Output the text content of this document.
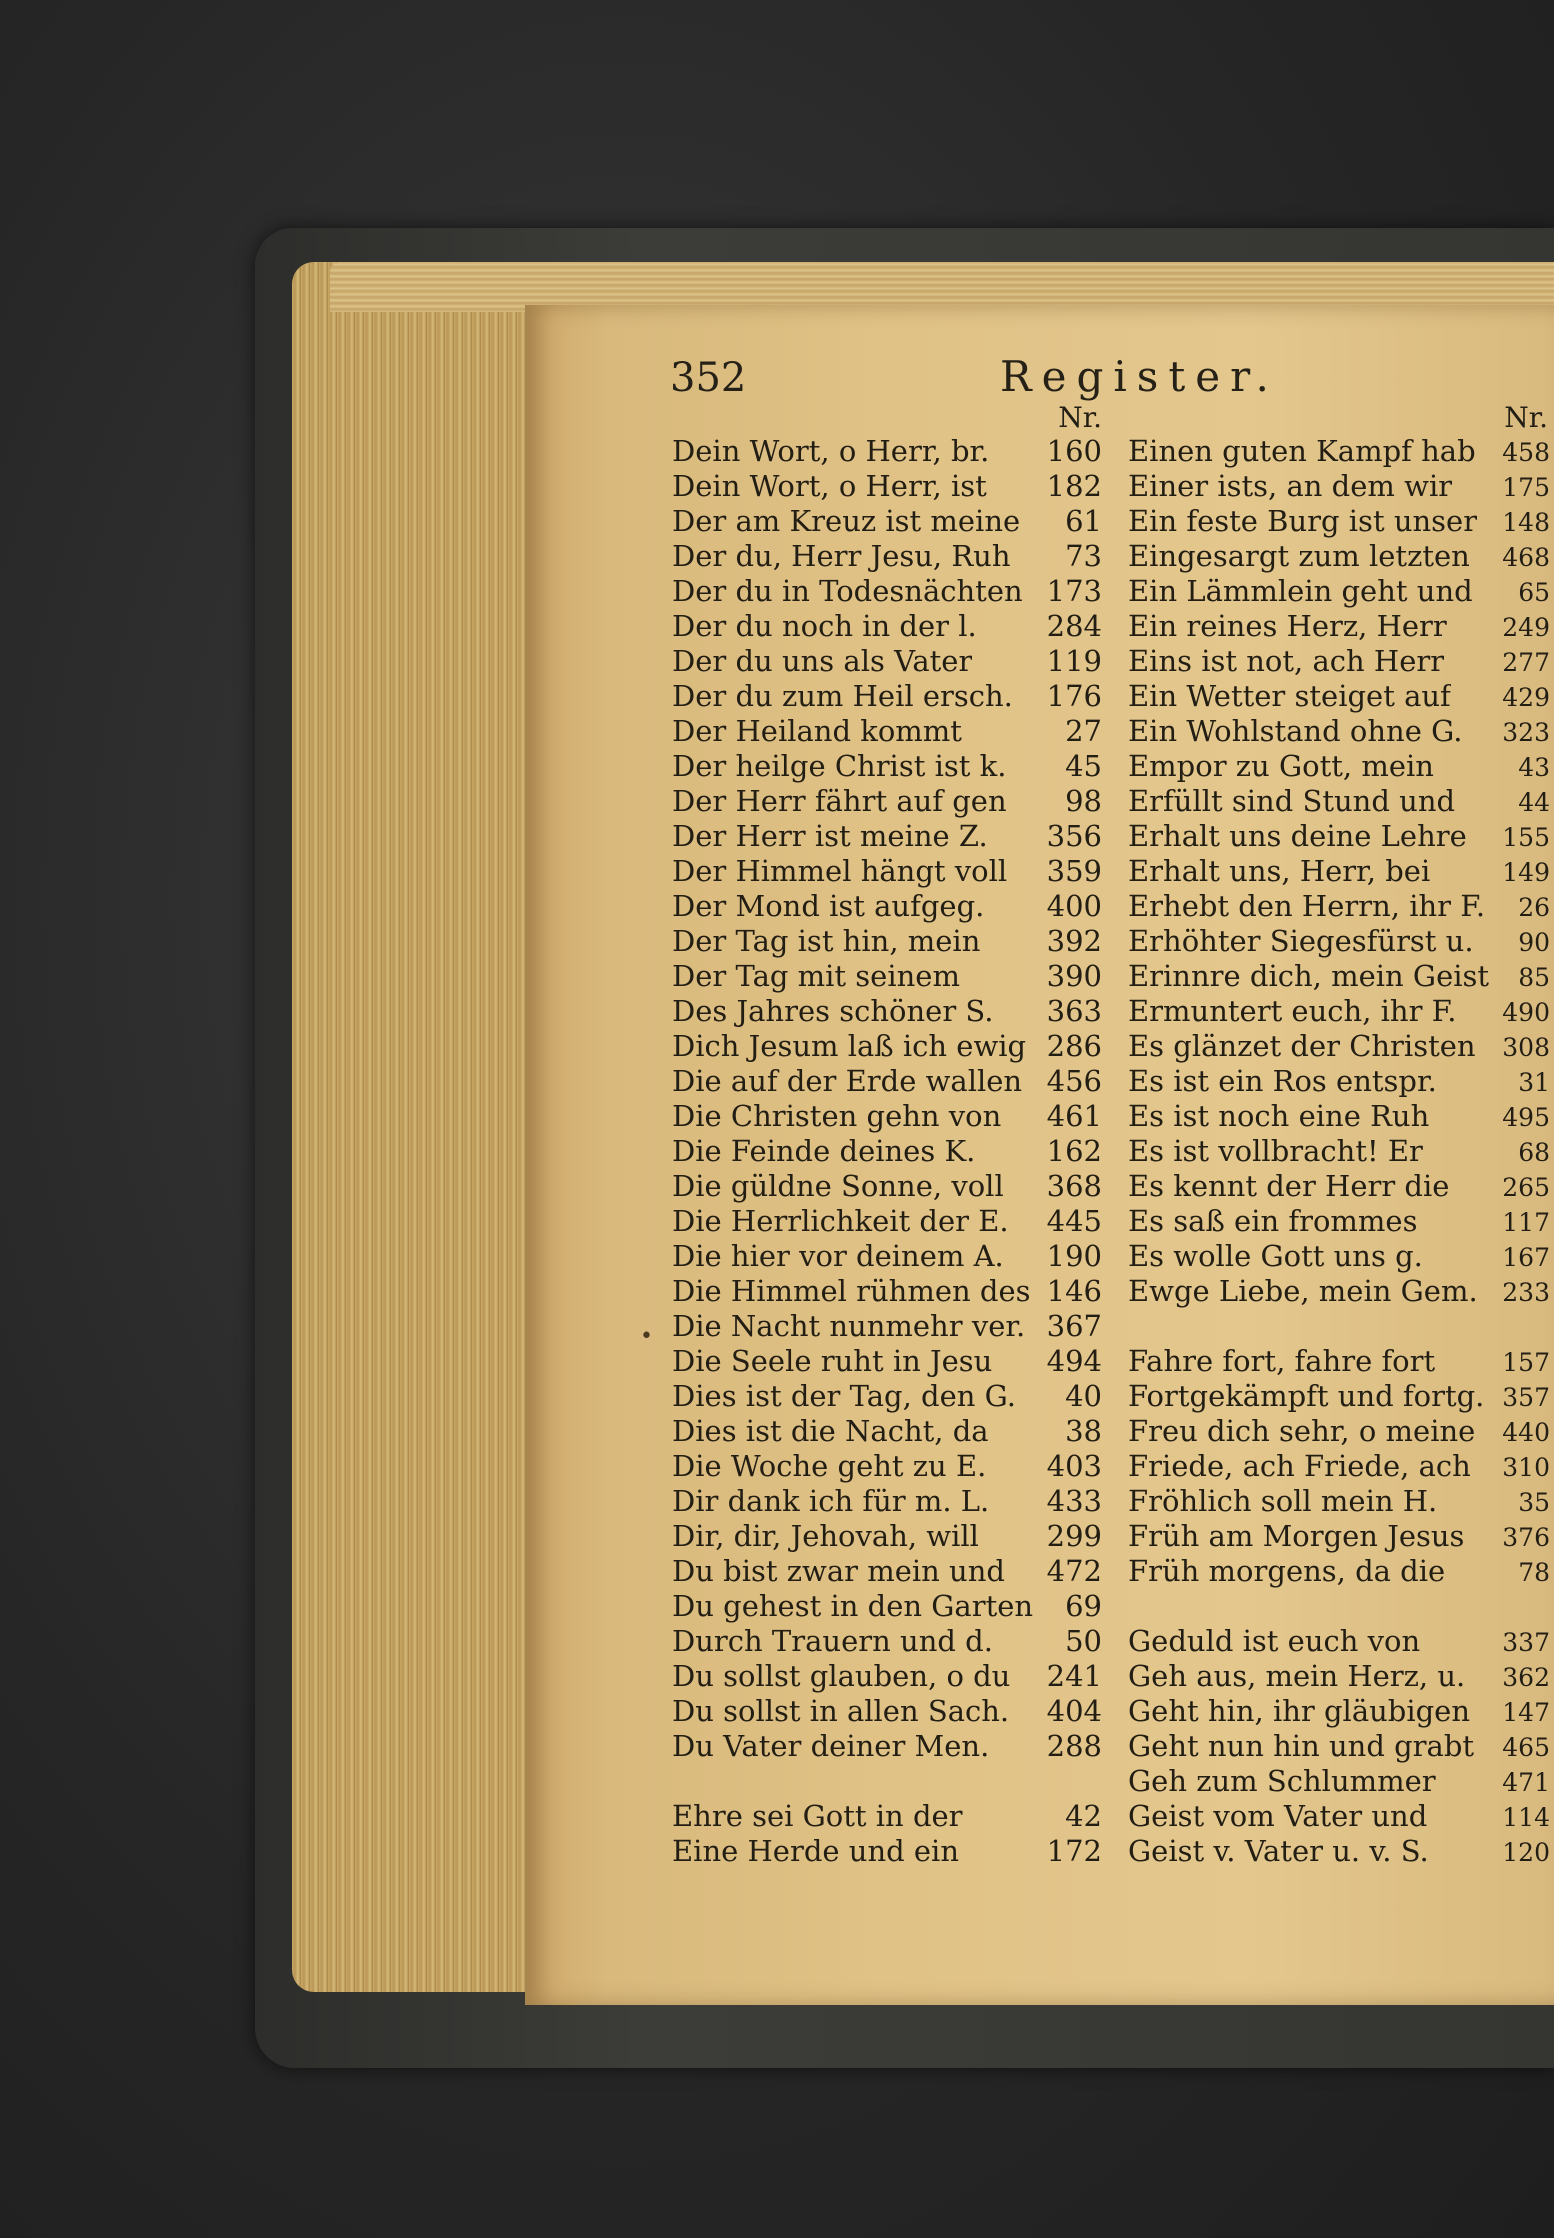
352	Register.
•
Nr.
Dein Wort, o Herr, br. 160
Dein Wort, o Herr, ist 182
Der am Kreuz ist meine 61
Der du, Herr Jesu, Ruh 73
Der du in Todesnächten 173
Der du noch in der l. 284
Der du uns als Vater	119
Der du zum Heil ersch. 176
Der Heiland kommt	27
Der heilge Christ ist k. 45
Der Herr fährt auf gen 98
Der Herr ist meine Z. 356
Der Himmel hängt voll 359
Der Mond ist aufgeg. 400
Der Tag ist hin, mein 392
Der Tag mit seinem	390
Des Jahres schöner S. 363
Dich Jesum laß ich ewig 286
Die auf der Erde wallen 456
Die Christen gehn von 461
Die Feinde deines K. 162
Die güldne Sonne, voll 368
Die Herrlichkeit der E. 445
Die hier vor deinem A. 190
Die Himmel rühmen des 146
Die Nacht nunmehr ver. 367
Die Seele ruht in Jesu 494
Dies ist der Tag, den G. 40
Dies ist die Nacht, da	38
Die Woche geht zu E. 403
Dir dank ich für m. L. 433
Dir, dir, Jehovah, will 299
Du bist zwar mein und 472
Du gehest in den Garten 69
Durch Trauern und d. 50
Du sollst glauben, o du 241
Du sollst in allen Sach. 404
Du Vater deiner Men. 288
Ehre sei Gott in der	42
Eine Herde und ein	172
Nr.
Einen guten Kampf hab 458
Einer ists, an dem wir 175
Ein feste Burg ist unser 148
Eingesargt zum letzten 468
Ein Lämmlein geht und 65
Ein reines Herz, Herr 249
Eins ist not, ach Herr 277
Ein Wetter steiget auf 429
Ein Wohlstand ohne G. 323
Empor zu Gott, mein	43
Erfüllt sind Stund und	44
Erhalt uns deine Lehre 155
Erhalt uns, Herr, bei	149
Erhebt den Herrn, ihr F. 26
Erhöhter Siegesfürst u. 90
Erinnre dich, mein Geist 85
Ermuntert euch, ihr F. 490
Es glänzet der Christen 308
Es ist ein Ros entspr.	31
Es ist noch eine Ruh	495
Es ist vollbracht! Er	68
Es kennt der Herr die 265
Es saß ein frommes	117
Es wolle Gott uns g.	167
Ewge Liebe, mein Gem. 233
Fahre fort, fahre fort	157
Fortgekämpft und fortg. 357
Freu dich sehr, o meine 440
Friede, ach Friede, ach 310
Fröhlich soll mein H.	35
Früh am Morgen Jesus 376
Früh morgens, da die	78
Geduld ist euch von	337
Geh aus, mein Herz, u. 362
Geht hin, ihr gläubigen 147
Geht nun hin und grabt 465
Geh zum Schlummer	471
Geist vom Vater und	114
Geist v. Vater u. v. S.	120
